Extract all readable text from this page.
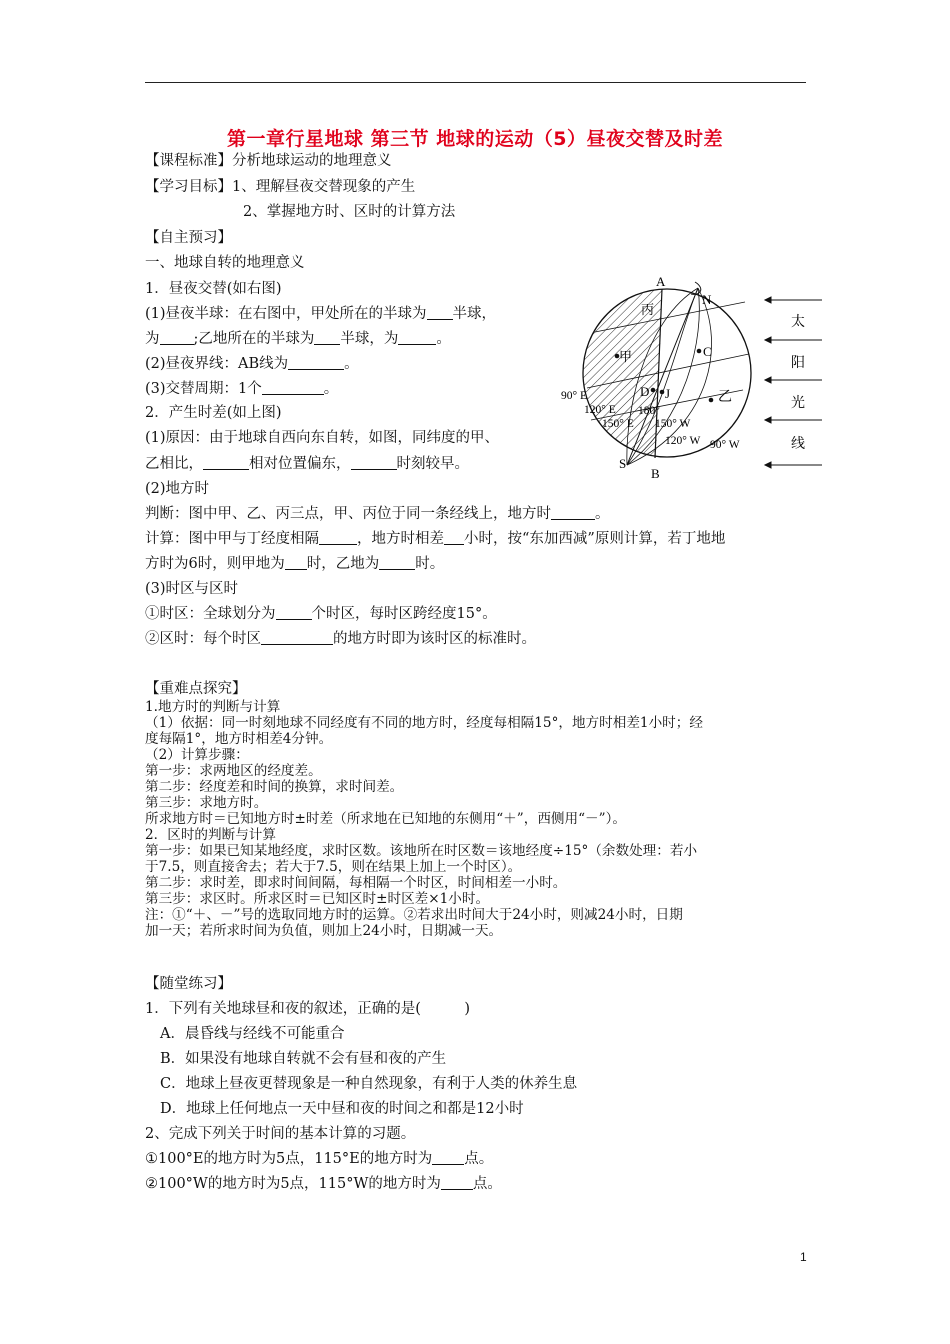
第一章行星地球 第三节 地球的运动（5）昼夜交替及时差
【课程标准】分析地球运动的地理意义
【学习目标】1、理解昼夜交替现象的产生
2、掌握地方时、区时的计算方法
【自主预习】
一、地球自转的地理意义
1．昼夜交替(如右图)
(1)昼夜半球：在右图中，甲处所在的半球为 半球，
为 ;乙地所在的半球为 半球，为	。
(2)昼夜界线：AB线为	。
(3)交替周期：1个	。
2．产生时差(如上图)
(1)原因：由于地球自西向东自转，如图，同纬度的甲、
乙相比，	相对位置偏东，	时刻较早。
(2)地方时
判断：图中甲、乙、丙三点，甲、丙位于同一条经线上，地方时	。
计算：图中甲与丁经度相隔	，地方时相差 小时，按“东加西减”原则计算，若丁地地
方时为6时，则甲地为 时，乙地为 时。
(3)时区与区时
①时区：全球划分为 个时区，每时区跨经度15°。
②区时：每个时区	的地方时即为该时区的标准时。
【重难点探究】
1.地方时的判断与计算
（1）依据：同一时刻地球不同经度有不同的地方时，经度每相隔15°，地方时相差1小时；经
度每隔1°，地方时相差4分钟。
（2）计算步骤：
第一步：求两地区的经度差。
第二步：经度差和时间的换算，求时间差。
第三步：求地方时。
所求地方时＝已知地方时±时差（所求地在已知地的东侧用“＋”，西侧用“－”）。
2．区时的判断与计算
第一步：如果已知某地经度，求时区数。该地所在时区数＝该地经度÷15°（余数处理：若小
于7.5，则直接舍去；若大于7.5，则在结果上加上一个时区）。
第二步：求时差，即求时间间隔，每相隔一个时区，时间相差一小时。
第三步：求区时。所求区时＝已知区时±时区差×1小时。
注：①“＋、－”号的选取同地方时的运算。②若求出时间大于24小时，则减24小时，日期
加一天；若所求时间为负值，则加上24小时，日期减一天。
【随堂练习】
1．下列有关地球昼和夜的叙述，正确的是(　　　)
A．晨昏线与经线不可能重合
B．如果没有地球自转就不会有昼和夜的产生
C．地球上昼夜更替现象是一种自然现象，有利于人类的休养生息
D．地球上任何地点一天中昼和夜的时间之和都是12小时
2、完成下列关于时间的基本计算的习题。
①100°E的地方时为5点，115°E的地方时为 点。
②100°W的地方时为5点，115°W的地方时为 点。
A
B
N
S
C
D J
丙
甲
乙
90° E
120° E
150° E
180°
150° W
120° W 90° W
太
阳
光
线
1
